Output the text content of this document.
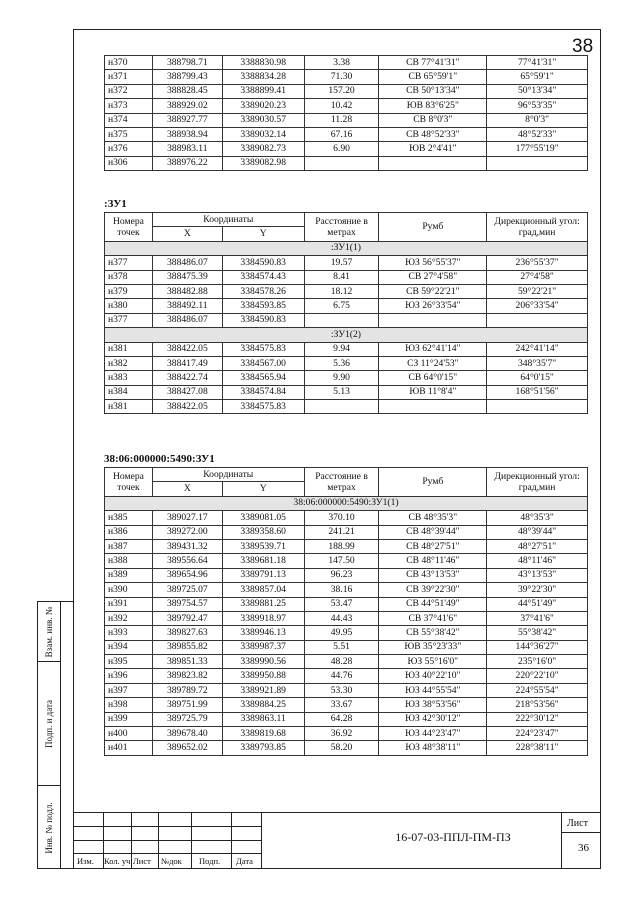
38
н370	388798.71	3388830.98	3.38	СВ 77°41'31"	77°41'31"
н371	388799.43	3388834.28	71.30	СВ 65°59'1"	65°59'1"
н372	388828.45	3388899.41	157.20	СВ 50°13'34"	50°13'34"
н373	388929.02	3389020.23	10.42	ЮВ 83°6'25"	96°53'35"
н374	388927.77	3389030.57	11.28	СВ 8°0'3"	8°0'3"
н375	388938.94	3389032.14	67.16	СВ 48°52'33"	48°52'33"
н376	388983.11	3389082.73	6.90	ЮВ 2°4'41"	177°55'19"
н306	388976.22	3389082.98			
:ЗУ1
Номера точек	Координаты		Расстояние в метрах	Румб	Дирекционный угол: град,мин
	X	Y			
:ЗУ1(1)					
н377	388486.07	3384590.83	19.57	ЮЗ 56°55'37"	236°55'37"
н378	388475.39	3384574.43	8.41	СВ 27°4'58"	27°4'58"
н379	388482.88	3384578.26	18.12	СВ 59°22'21"	59°22'21"
н380	388492.11	3384593.85	6.75	ЮЗ 26°33'54"	206°33'54"
н377	388486.07	3384590.83			
:ЗУ1(2)					
н381	388422.05	3384575.83	9.94	ЮЗ 62°41'14"	242°41'14"
н382	388417.49	3384567.00	5.36	СЗ 11°24'53"	348°35'7"
н383	388422.74	3384565.94	9.90	СВ 64°0'15"	64°0'15"
н384	388427.08	3384574.84	5.13	ЮВ 11°8'4"	168°51'56"
н381	388422.05	3384575.83			
38:06:000000:5490:ЗУ1
Номера точек	Координаты		Расстояние в метрах	Румб	Дирекционный угол: град,мин
	X	Y			
38:06:000000:5490:ЗУ1(1)					
н385	389027.17	3389081.05	370.10	СВ 48°35'3"	48°35'3"
н386	389272.00	3389358.60	241.21	СВ 48°39'44"	48°39'44"
н387	389431.32	3389539.71	188.99	СВ 48°27'51"	48°27'51"
н388	389556.64	3389681.18	147.50	СВ 48°11'46"	48°11'46"
н389	389654.96	3389791.13	96.23	СВ 43°13'53"	43°13'53"
н390	389725.07	3389857.04	38.16	СВ 39°22'30"	39°22'30"
н391	389754.57	3389881.25	53.47	СВ 44°51'49"	44°51'49"
н392	389792.47	3389918.97	44.43	СВ 37°41'6"	37°41'6"
н393	389827.63	3389946.13	49.95	СВ 55°38'42"	55°38'42"
н394	389855.82	3389987.37	5.51	ЮВ 35°23'33"	144°36'27"
н395	389851.33	3389990.56	48.28	ЮЗ 55°16'0"	235°16'0"
н396	389823.82	3389950.88	44.76	ЮЗ 40°22'10"	220°22'10"
н397	389789.72	3389921.89	53.30	ЮЗ 44°55'54"	224°55'54"
н398	389751.99	3389884.25	33.67	ЮЗ 38°53'56"	218°53'56"
н399	389725.79	3389863.11	64.28	ЮЗ 42°30'12"	222°30'12"
н400	389678.40	3389819.68	36.92	ЮЗ 44°23'47"	224°23'47"
н401	389652.02	3389793.85	58.20	ЮЗ 48°38'11"	228°38'11"
Взам. инв. №
Подп. и дата
Инв. № подл.
Изм. Кол. уч Лист №док Подп. Дата
16-07-03-ППЛ-ПМ-ПЗ
Лист
36
